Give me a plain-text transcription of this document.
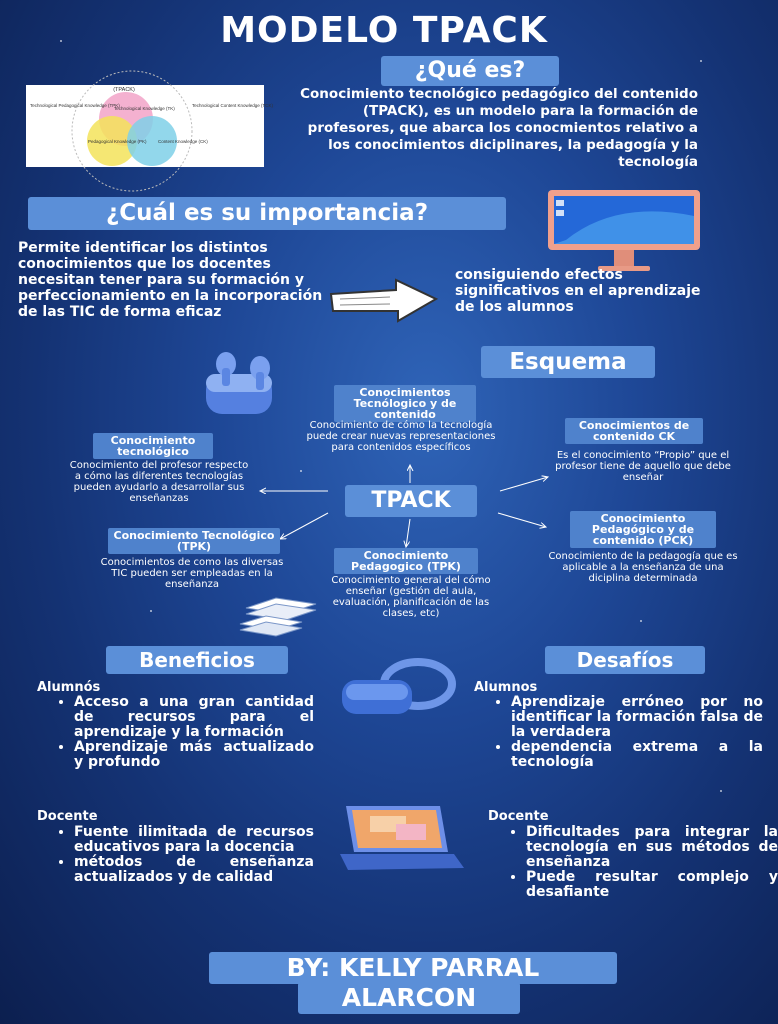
MODELO TPACK
¿Qué es?
(TPACK)
Technological Pedagogical Knowledge (TPK)
Technological Knowledge (TK)
Technological Content Knowledge (TCK)
Pedagogical Knowledge (PK)	Content Knowledge (CK)
Conocimiento tecnológico pedagógico del contenido (TPACK), es un modelo para la formación de profesores, que abarca los conocmientos relativo a los conocimientos diciplinares, la pedagogía y la tecnología
¿Cuál es su importancia?
Permite identificar los distintos conocimientos que los docentes necesitan tener para su formación y perfeccionamiento en la incorporación de las TIC de forma eficaz
consiguiendo efectos significativos en el aprendizaje de los alumnos
Esquema
TPACK
Conocimientos Tecnólogico y de contenido
Conocimiento de cómo la tecnología puede crear nuevas representaciones para contenidos específicos
Conocimiento tecnológico
Conocimiento del profesor respecto a cómo las diferentes tecnologías pueden ayudarlo a desarrollar sus enseñanzas
Conocimiento Tecnológico (TPK)
Conocimientos de como las diversas TIC pueden ser empleadas en la enseñanza
Conocimiento Pedagogico (TPK)
Conocimiento general del cómo enseñar (gestión del aula, evaluación, planificación de las clases, etc)
Conocimientos de contenido CK
Es el conocimiento “Propio” que el profesor tiene de aquello que debe enseñar
Conocimiento Pedagógico y de contenido (PCK)
Conocimiento de la pedagogía que es aplicable a la enseñanza de una diciplina determinada
Beneficios
Alumnós
• Acceso a una gran cantidad de recursos para el aprendizaje y la formación
• Aprendizaje más actualizado y profundo
Docente
• Fuente ilimitada de recursos educativos para la docencia
• métodos de enseñanza actualizados y de calidad
Desafíos
Alumnos
• Aprendizaje erróneo por no identificar la formación falsa de la verdadera
• dependencia extrema a la tecnología
Docente
• Dificultades para integrar la tecnología en sus métodos de enseñanza
• Puede resultar complejo y desafiante
BY: KELLY PARRAL
ALARCON
